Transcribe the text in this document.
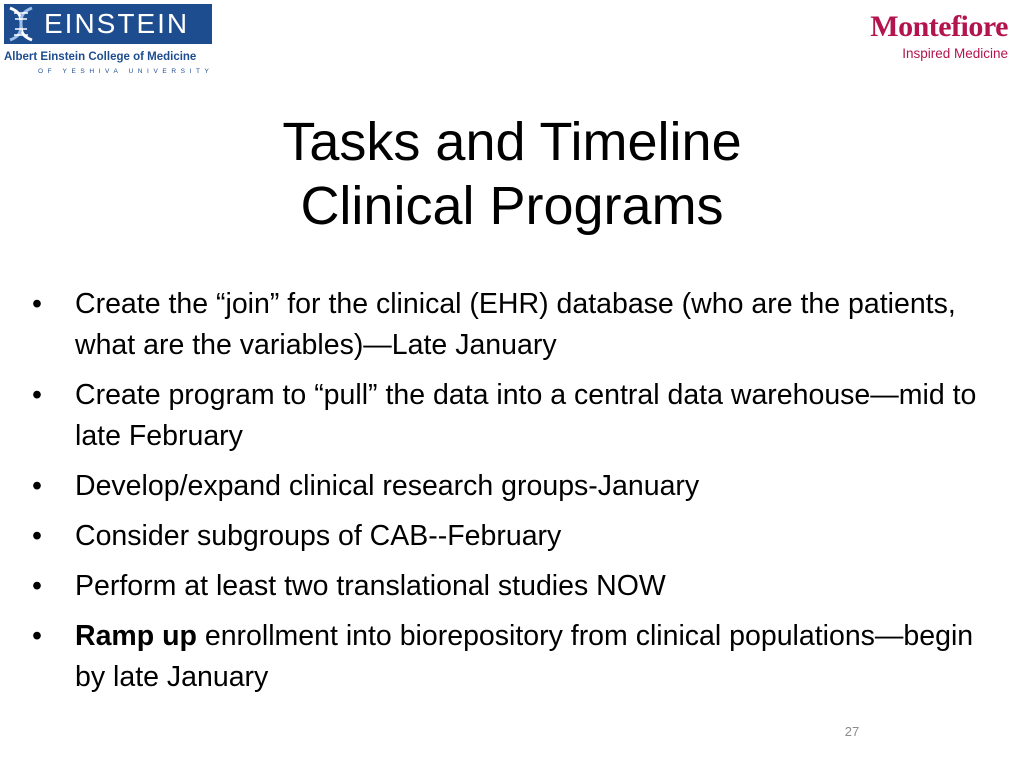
EINSTEIN
Albert Einstein College of Medicine
OF YESHIVA UNIVERSITY
Montefiore
Inspired Medicine
Tasks and Timeline
Clinical Programs
• Create the “join” for the clinical (EHR) database (who are the patients, what are the variables)—Late January
• Create program to “pull” the data into a central data warehouse—mid to late February
• Develop/expand clinical research groups-January
• Consider subgroups of CAB--February
• Perform at least two translational studies NOW
• Ramp up enrollment into biorepository from clinical populations—begin by late January
27
